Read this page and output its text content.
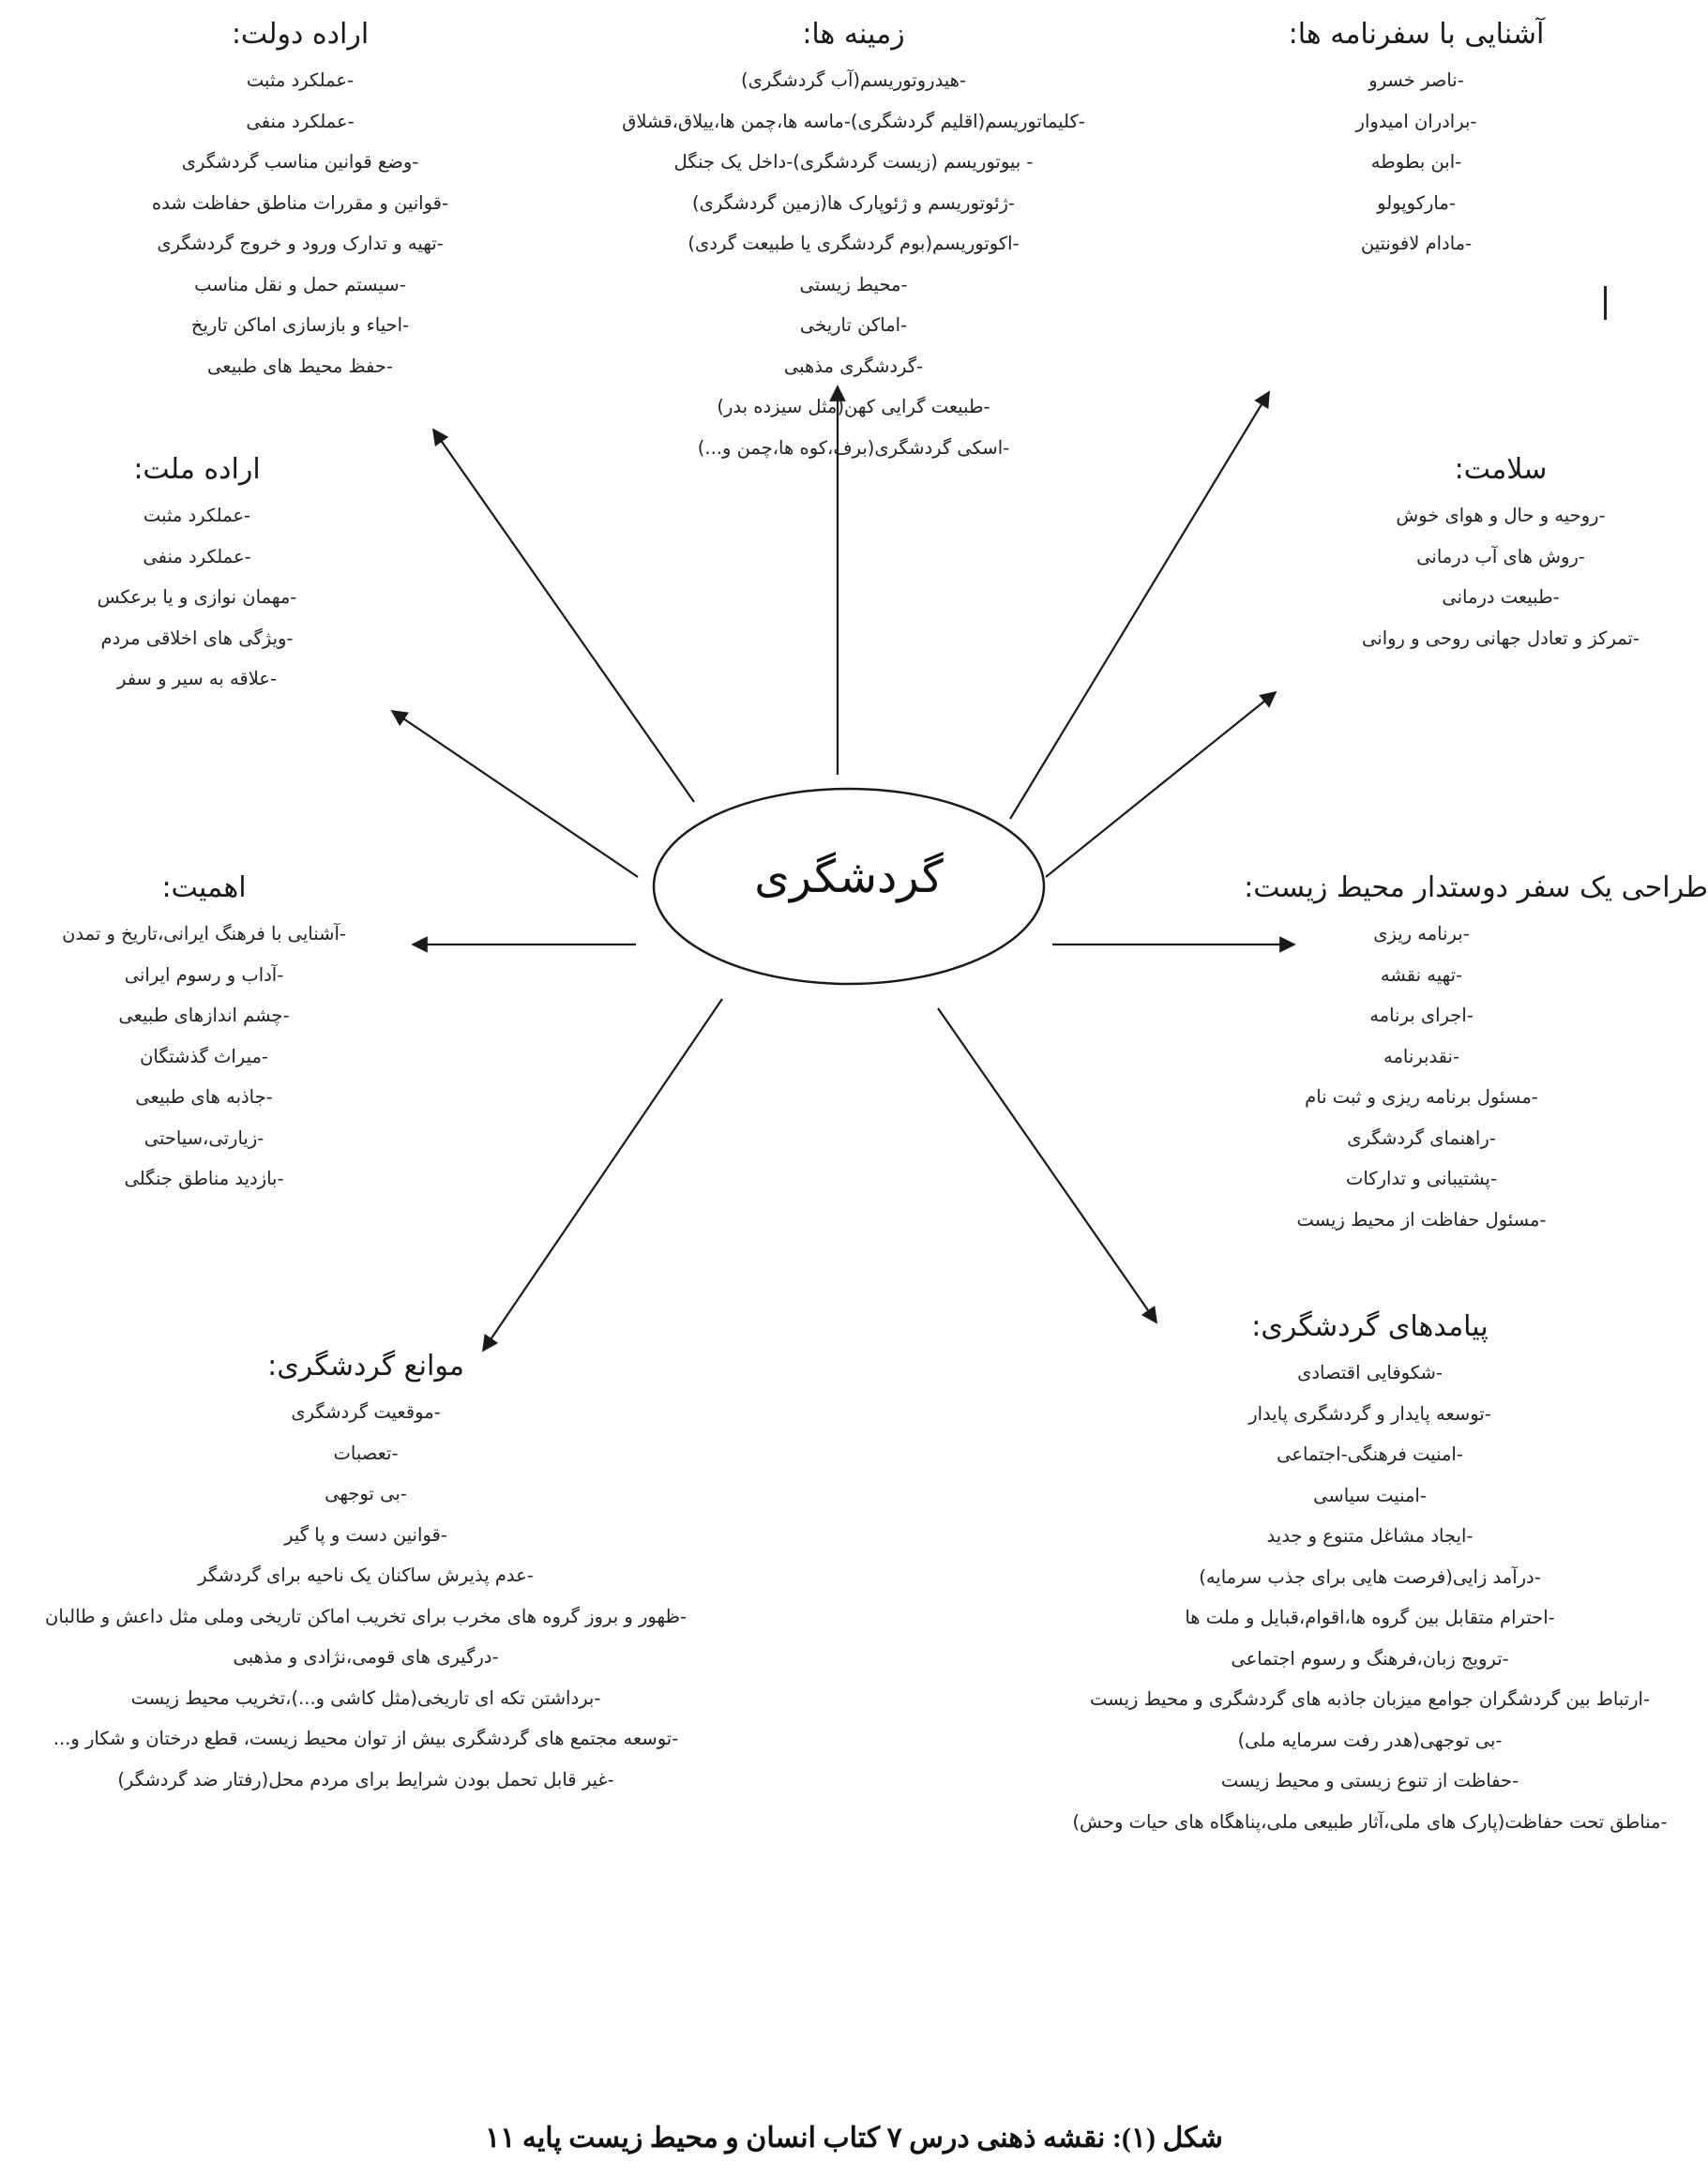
گردشگری
زمینه ها:
-هیدروتوریسم(آب گردشگری)
-کلیماتوریسم(اقلیم گردشگری)-ماسه ها،چمن ها،ییلاق،قشلاق
- بیوتوریسم (زیست گردشگری)-داخل یک جنگل
-ژئوتوریسم و ژئوپارک ها(زمین گردشگری)
-اکوتوریسم(بوم گردشگری یا طبیعت گردی)
-محیط زیستی
-اماکن تاریخی
-گردشگری مذهبی
-طبیعت گرایی کهن(مثل سیزده بدر)
-اسکی گردشگری(برف،کوه ها،چمن و...)
آشنایی با سفرنامه ها:
-ناصر خسرو
-برادران امیدوار
-ابن بطوطه
-مارکوپولو
-مادام لافونتین
اراده دولت:
-عملکرد مثبت
-عملکرد منفی
-وضع قوانین مناسب گردشگری
-قوانین و مقررات مناطق حفاظت شده
-تهیه و تدارک ورود و خروج گردشگری
-سیستم حمل و نقل مناسب
-احیاء و بازسازی اماکن تاریخ
-حفظ محیط های طبیعی
اراده ملت:
-عملکرد مثبت
-عملکرد منفی
-مهمان نوازی و یا برعکس
-ویژگی های اخلاقی مردم
-علاقه به سیر و سفر
سلامت:
-روحیه و حال و هوای خوش
-روش های آب درمانی
-طبیعت درمانی
-تمرکز و تعادل جهانی روحی و روانی
اهمیت:
-آشنایی با فرهنگ ایرانی،تاریخ و تمدن
-آداب و رسوم ایرانی
-چشم اندازهای طبیعی
-میراث گذشتگان
-جاذبه های طبیعی
-زیارتی،سیاحتی
-بازدید مناطق جنگلی
طراحی یک سفر دوستدار محیط زیست:
-برنامه ریزی
-تهیه نقشه
-اجرای برنامه
-نقدبرنامه
-مسئول برنامه ریزی و ثبت نام
-راهنمای گردشگری
-پشتیبانی و تدارکات
-مسئول حفاظت از محیط زیست
موانع گردشگری:
-موقعیت گردشگری
-تعصبات
-بی توجهی
-قوانین دست و پا گیر
-عدم پذیرش ساکنان یک ناحیه برای گردشگر
-ظهور و بروز گروه های مخرب برای تخریب اماکن تاریخی وملی مثل داعش و طالبان
-درگیری های قومی،نژادی و مذهبی
-برداشتن تکه ای تاریخی(مثل کاشی و...)،تخریب محیط زیست
-توسعه مجتمع های گردشگری بیش از توان محیط زیست، قطع درختان و شکار و...
-غیر قابل تحمل بودن شرایط برای مردم محل(رفتار ضد گردشگر)
پیامدهای گردشگری:
-شکوفایی اقتصادی
-توسعه پایدار و گردشگری پایدار
-امنیت فرهنگی-اجتماعی
-امنیت سیاسی
-ایجاد مشاغل متنوع و جدید
-درآمد زایی(فرصت هایی برای جذب سرمایه)
-احترام متقابل بین گروه ها،اقوام،قبایل و ملت ها
-ترویج زبان،فرهنگ و رسوم اجتماعی
-ارتباط بین گردشگران جوامع میزبان جاذبه های گردشگری و محیط زیست
-بی توجهی(هدر رفت سرمایه ملی)
-حفاظت از تنوع زیستی و محیط زیست
-مناطق تحت حفاظت(پارک های ملی،آثار طبیعی ملی،پناهگاه های حیات وحش)
شکل (۱): نقشه ذهنی درس ۷ کتاب انسان و محیط زیست پایه ۱۱
